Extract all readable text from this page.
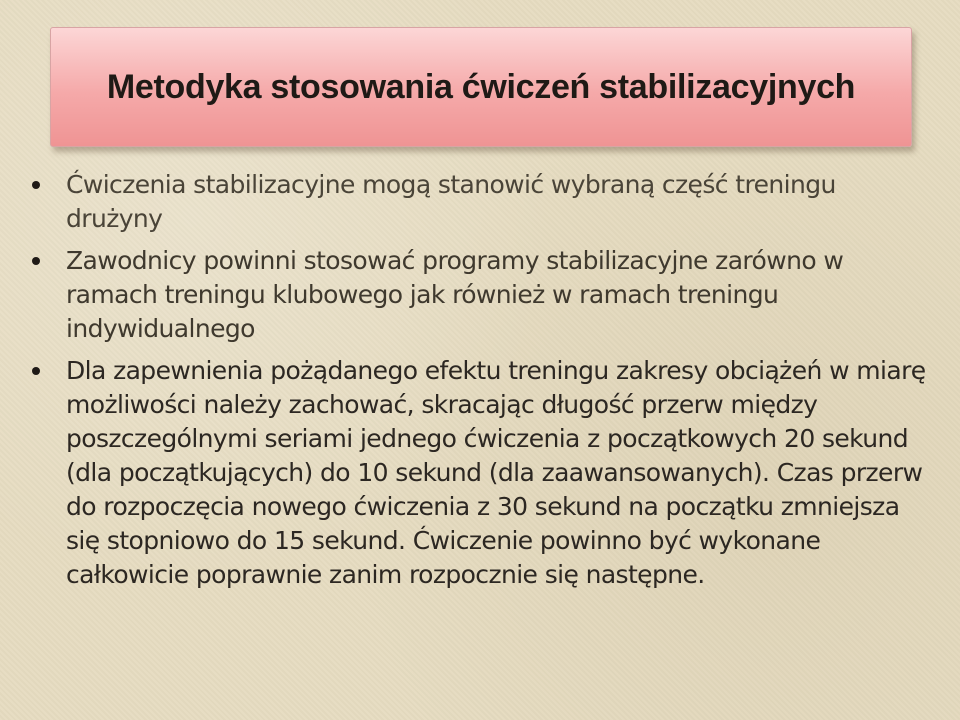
Metodyka stosowania ćwiczeń stabilizacyjnych
Ćwiczenia stabilizacyjne mogą stanowić wybraną część treningu drużyny
Zawodnicy powinni stosować programy stabilizacyjne zarówno w ramach treningu klubowego jak również w ramach treningu indywidualnego
Dla zapewnienia pożądanego efektu treningu zakresy obciążeń w miarę możliwości należy zachować, skracając długość przerw między poszczególnymi seriami jednego ćwiczenia z początkowych 20 sekund (dla początkujących) do 10 sekund (dla zaawansowanych). Czas przerw do rozpoczęcia nowego ćwiczenia z 30 sekund na początku zmniejsza się stopniowo do 15 sekund. Ćwiczenie powinno być wykonane całkowicie poprawnie zanim rozpocznie się następne.
